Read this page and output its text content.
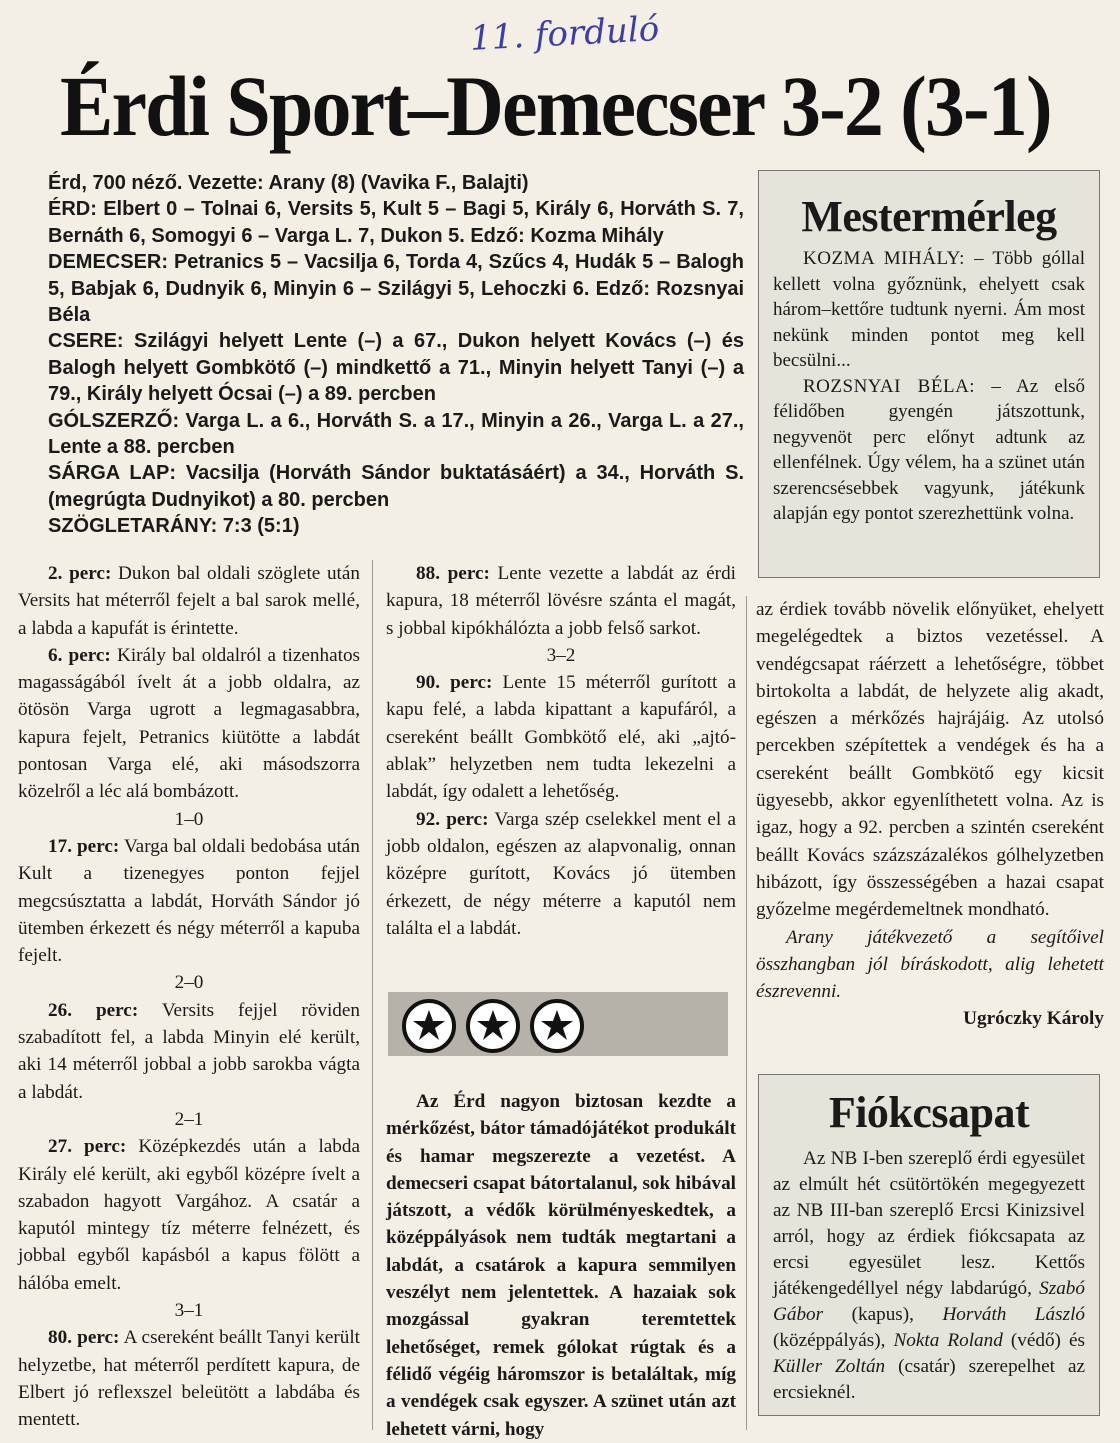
11. forduló
Érdi Sport–Demecser 3-2 (3-1)

Érd, 700 néző. Vezette: Arany (8) (Vavika F., Balajti)

ÉRD: Elbert 0 – Tolnai 6, Versits 5, Kult 5 – Bagi 5, Király 6, Horváth S. 7, Bernáth 6, Somogyi 6 – Varga L. 7, Dukon 5. Edző: Kozma Mihály

DEMECSER: Petranics 5 – Vacsilja 6, Torda 4, Szűcs 4, Hudák 5 – Balogh 5, Babjak 6, Dudnyik 6, Minyin 6 – Szilágyi 5, Lehoczki 6. Edző: Rozsnyai Béla

CSERE: Szilágyi helyett Lente (–) a 67., Dukon helyett Kovács (–) és Balogh helyett Gombkötő (–) mindkettő a 71., Minyin helyett Tanyi (–) a 79., Király helyett Ócsai (–) a 89. percben

GÓLSZERZŐ: Varga L. a 6., Horváth S. a 17., Minyin a 26., Varga L. a 27., Lente a 88. percben

SÁRGA LAP: Vacsilja (Horváth Sándor buktatásáért) a 34., Horváth S. (megrúgta Dudnyikot) a 80. percben

SZÖGLETARÁNY: 7:3 (5:1)

Mestermérleg

KOZMA MIHÁLY: – Több góllal kellett volna győznünk, ehelyett csak három–kettőre tudtunk nyerni. Ám most nekünk minden pontot meg kell becsülni...

ROZSNYAI BÉLA: – Az első félidőben gyengén játszottunk, negyvenöt perc előnyt adtunk az ellenfélnek. Úgy vélem, ha a szünet után szerencsésebbek vagyunk, játékunk alapján egy pontot szerezhettünk volna.

2. perc: Dukon bal oldali szöglete után Versits hat méterről fejelt a bal sarok mellé, a labda a kapufát is érintette.

6. perc: Király bal oldalról a tizenhatos magasságából ívelt át a jobb oldalra, az ötösön Varga ugrott a legmagasabbra, kapura fejelt, Petranics kiütötte a labdát pontosan Varga elé, aki másodszorra közelről a léc alá bombázott.

1–0

17. perc: Varga bal oldali bedobása után Kult a tizenegyes ponton fejjel megcsúsztatta a labdát, Horváth Sándor jó ütemben érkezett és négy méterről a kapuba fejelt.

2–0

26. perc: Versits fejjel röviden szabadított fel, a labda Minyin elé került, aki 14 méterről jobbal a jobb sarokba vágta a labdát.

2–1

27. perc: Középkezdés után a labda Király elé került, aki egyből középre ívelt a szabadon hagyott Vargához. A csatár a kaputól mintegy tíz méterre felnézett, és jobbal egyből kapásból a kapus fölött a hálóba emelt.

3–1

80. perc: A csereként beállt Tanyi került helyzetbe, hat méterről perdített kapura, de Elbert jó reflexszel beleütött a labdába és mentett.

88. perc: Lente vezette a labdát az érdi kapura, 18 méterről lövésre szánta el magát, s jobbal kipókhálózta a jobb felső sarkot.

3–2

90. perc: Lente 15 méterről gurított a kapu felé, a labda kipattant a kapufáról, a csereként beállt Gombkötő elé, aki „ajtó-ablak” helyzetben nem tudta lekezelni a labdát, így odalett a lehetőség.

92. perc: Varga szép cselekkel ment el a jobb oldalon, egészen az alapvonalig, onnan középre gurított, Kovács jó ütemben érkezett, de négy méterre a kaputól nem találta el a labdát.

Az Érd nagyon biztosan kezdte a mérkőzést, bátor támadójátékot produkált és hamar megszerezte a vezetést. A demecseri csapat bátortalanul, sok hibával játszott, a védők körülményeskedtek, a középpályások nem tudták megtartani a labdát, a csatárok a kapura semmilyen veszélyt nem jelentettek. A hazaiak sok mozgással gyakran teremtettek lehetőséget, remek gólokat rúgtak és a félidő végéig háromszor is betaláltak, míg a vendégek csak egyszer. A szünet után azt lehetett várni, hogy

az érdiek tovább növelik előnyüket, ehelyett megelégedtek a biztos vezetéssel. A vendégcsapat ráérzett a lehetőségre, többet birtokolta a labdát, de helyzete alig akadt, egészen a mérkőzés hajrájáig. Az utolsó percekben szépítettek a vendégek és ha a csereként beállt Gombkötő egy kicsit ügyesebb, akkor egyenlíthetett volna. Az is igaz, hogy a 92. percben a szintén csereként beállt Kovács százszázalékos gólhelyzetben hibázott, így összességében a hazai csapat győzelme megérdemeltnek mondható.

Arany játékvezető a segítőivel összhangban jól bíráskodott, alig lehetett észrevenni.

Ugróczky Károly

Fiókcsapat

Az NB I-ben szereplő érdi egyesület az elmúlt hét csütörtökén megegyezett az NB III-ban szereplő Ercsi Kinizsivel arról, hogy az érdiek fiókcsapata az ercsi egyesület lesz. Kettős játékengedéllyel négy labdarúgó, Szabó Gábor (kapus), Horváth László (középpályás), Nokta Roland (védő) és Küller Zoltán (csatár) szerepelhet az ercsieknél.
